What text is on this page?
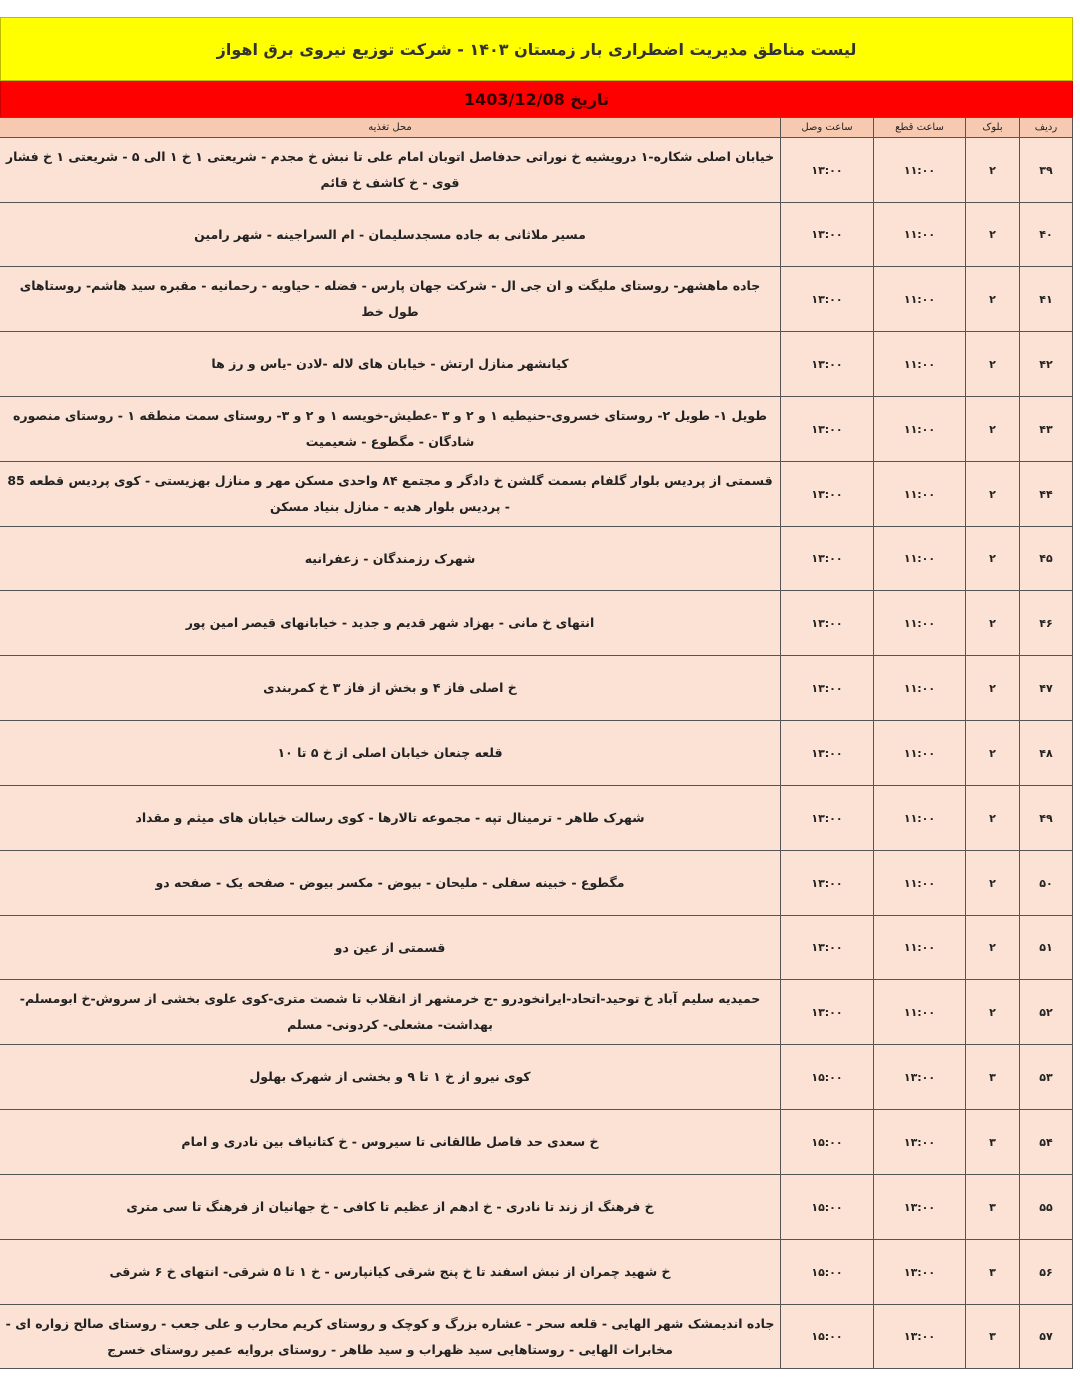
لیست مناطق مدیریت اضطراری بار زمستان ۱۴۰۳ - شرکت توزیع نیروی برق اهواز
تاریخ 1403/12/08
ردیف	بلوک	ساعت قطع	ساعت وصل	محل تغذیه
۳۹	۲	۱۱:۰۰	۱۳:۰۰	خیابان اصلی شکاره-۱ درویشیه خ نوراتی حدفاصل اتوبان امام علی تا نبش خ مجدم - شریعتی ۱ خ ۱ الی ۵ - شریعتی ۱ خ فشار قوی - خ کاشف خ قائم
۴۰	۲	۱۱:۰۰	۱۳:۰۰	مسیر ملاثانی به جاده مسجدسلیمان - ام السراجینه - شهر رامین
۴۱	۲	۱۱:۰۰	۱۳:۰۰	جاده ماهشهر- روستای ملیگت و ان جی ال - شرکت جهان پارس - فضله - حیاویه - رحمانیه - مقبره سید هاشم- روستاهای طول خط
۴۲	۲	۱۱:۰۰	۱۳:۰۰	کیانشهر منازل ارتش - خیابان های لاله -لادن -یاس و رز ها
۴۳	۲	۱۱:۰۰	۱۳:۰۰	طویل ۱- طویل ۲- روستای خسروی-حنیطیه ۱ و ۲ و ۳ -عطیش-خویسه ۱ و ۲ و ۳- روستای سمت منطقه ۱ - روستای منصوره شادگان - مگطوع - شعیمیت
۴۴	۲	۱۱:۰۰	۱۳:۰۰	قسمتی از پردیس بلوار گلفام بسمت گلشن خ دادگر و مجتمع ۸۴ واحدی مسکن مهر و منازل بهزیستی - کوی پردیس قطعه 85 - پردیس بلوار هدیه - منازل بنیاد مسکن
۴۵	۲	۱۱:۰۰	۱۳:۰۰	شهرک رزمندگان - زعفرانیه
۴۶	۲	۱۱:۰۰	۱۳:۰۰	انتهای خ مانی - بهزاد شهر قدیم و جدید - خیابانهای قیصر امین پور
۴۷	۲	۱۱:۰۰	۱۳:۰۰	خ اصلی فاز ۴ و بخش از فاز ۳ خ کمربندی
۴۸	۲	۱۱:۰۰	۱۳:۰۰	قلعه چنعان خیابان اصلی از خ ۵ تا ۱۰
۴۹	۲	۱۱:۰۰	۱۳:۰۰	شهرک طاهر - ترمینال تپه - مجموعه تالارها - کوی رسالت خیابان های میثم و مقداد
۵۰	۲	۱۱:۰۰	۱۳:۰۰	مگطوع - خبینه سفلی - ملیحان - بیوض - مکسر بیوض - صفحه یک - صفحه دو
۵۱	۲	۱۱:۰۰	۱۳:۰۰	قسمتی از عین دو
۵۲	۲	۱۱:۰۰	۱۳:۰۰	حمیدیه سلیم آباد خ توحید-اتحاد-ایرانخودرو -ج خرمشهر از انقلاب تا شصت متری-کوی علوی بخشی از سروش-خ ابومسلم- بهداشت- مشعلی- کردونی- مسلم
۵۳	۳	۱۳:۰۰	۱۵:۰۰	کوی نیرو از خ ۱ تا ۹ و بخشی از شهرک بهلول
۵۴	۳	۱۳:۰۰	۱۵:۰۰	خ سعدی حد فاصل طالقانی تا سیروس - خ کتانیاف بین نادری و امام
۵۵	۳	۱۳:۰۰	۱۵:۰۰	خ فرهنگ از زند تا نادری - خ ادهم از عظیم تا کافی - خ جهانیان از فرهنگ تا سی متری
۵۶	۳	۱۳:۰۰	۱۵:۰۰	خ شهید چمران از نبش اسفند تا خ پنج شرقی کیانپارس - خ ۱ تا ۵ شرقی- انتهای خ ۶ شرقی
۵۷	۳	۱۳:۰۰	۱۵:۰۰	جاده اندیمشک شهر الهایی - قلعه سحر - عشاره بزرگ و کوچک و روستای کریم محارب و علی جعب - روستای صالح زواره ای - مخابرات الهایی - روستاهایی سید ظهراب و سید طاهر - روستای بروایه عمیر روستای خسرج
